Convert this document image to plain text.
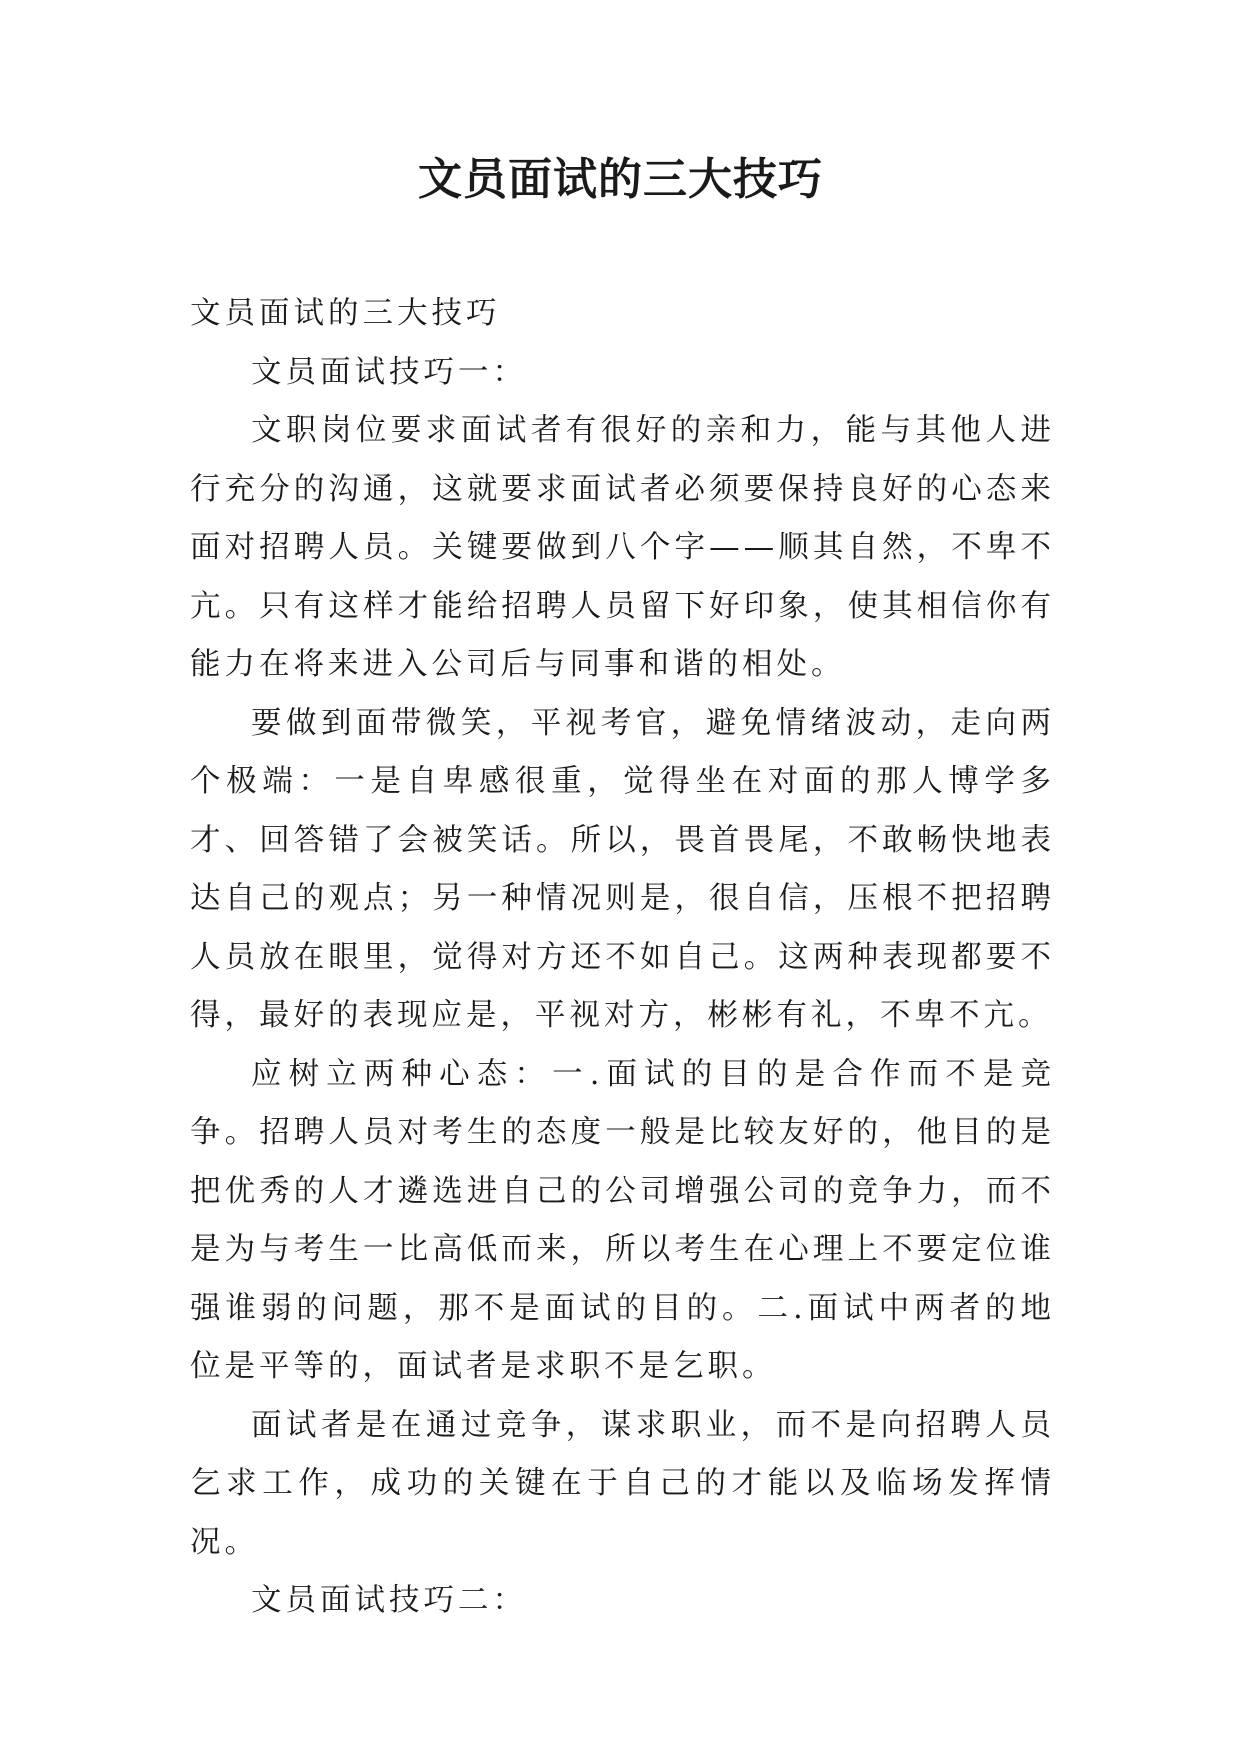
文员面试的三大技巧

文员面试的三大技巧

文员面试技巧一：

文职岗位要求面试者有很好的亲和力，能与其他人进行充分的沟通，这就要求面试者必须要保持良好的心态来面对招聘人员。关键要做到八个字——顺其自然，不卑不亢。只有这样才能给招聘人员留下好印象，使其相信你有能力在将来进入公司后与同事和谐的相处。

要做到面带微笑，平视考官，避免情绪波动，走向两个极端：一是自卑感很重，觉得坐在对面的那人博学多才、回答错了会被笑话。所以，畏首畏尾，不敢畅快地表达自己的观点；另一种情况则是，很自信，压根不把招聘人员放在眼里，觉得对方还不如自己。这两种表现都要不得，最好的表现应是，平视对方，彬彬有礼，不卑不亢。

应树立两种心态：一.面试的目的是合作而不是竞争。招聘人员对考生的态度一般是比较友好的，他目的是把优秀的人才遴选进自己的公司增强公司的竞争力，而不是为与考生一比高低而来，所以考生在心理上不要定位谁强谁弱的问题，那不是面试的目的。二.面试中两者的地位是平等的，面试者是求职不是乞职。

面试者是在通过竞争，谋求职业，而不是向招聘人员乞求工作，成功的关键在于自己的才能以及临场发挥情况。

文员面试技巧二：
